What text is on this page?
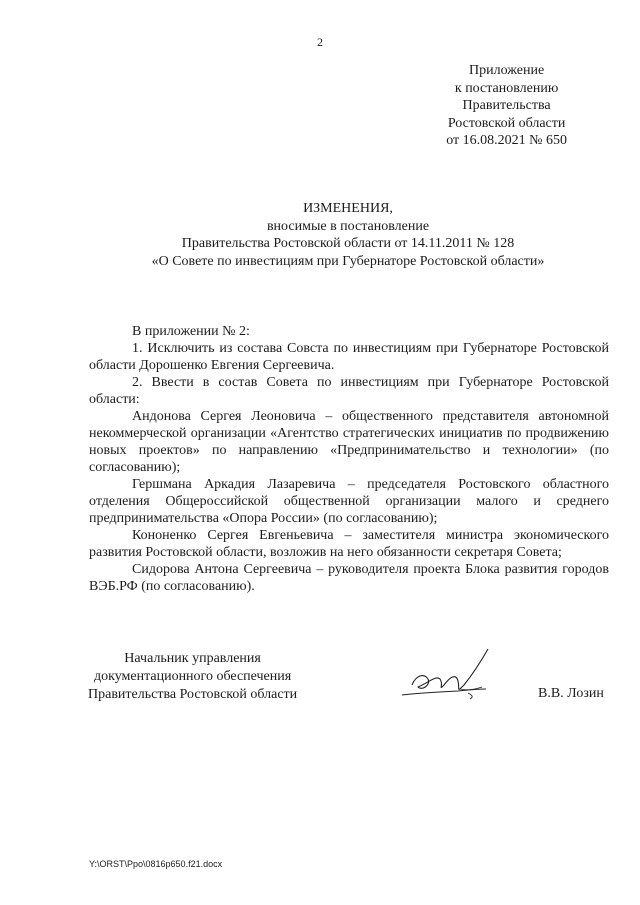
2
Приложение
к постановлению
Правительства
Ростовской области
от 16.08.2021 № 650
ИЗМЕНЕНИЯ,
вносимые в постановление
Правительства Ростовской области от 14.11.2011 № 128
«О Совете по инвестициям при Губернаторе Ростовской области»

В приложении № 2:

1. Исключить из состава Совста по инвестициям при Губернаторе Ростовской области Дорошенко Евгения Сергеевича.

2. Ввести в состав Совета по инвестициям при Губернаторе Ростовской области:

Андонова Сергея Леоновича – общественного представителя автономной некоммерческой организации «Агентство стратегических инициатив по продвижению новых проектов» по направлению «Предпринимательство и технологии» (по согласованию);

Гершмана Аркадия Лазаревича – председателя Ростовского областного отделения Общероссийской общественной организации малого и среднего предпринимательства «Опора России» (по согласованию);

Кононенко Сергея Евгеньевича – заместителя министра экономического развития Ростовской области, возложив на него обязанности секретаря Совета;

Сидорова Антона Сергеевича – руководителя проекта Блока развития городов ВЭБ.РФ (по согласованию).

Начальник управления
документационного обеспечения
Правительства Ростовской области	В.В. Лозин
Y:\ORST\Ppo\0816p650.f21.docx
